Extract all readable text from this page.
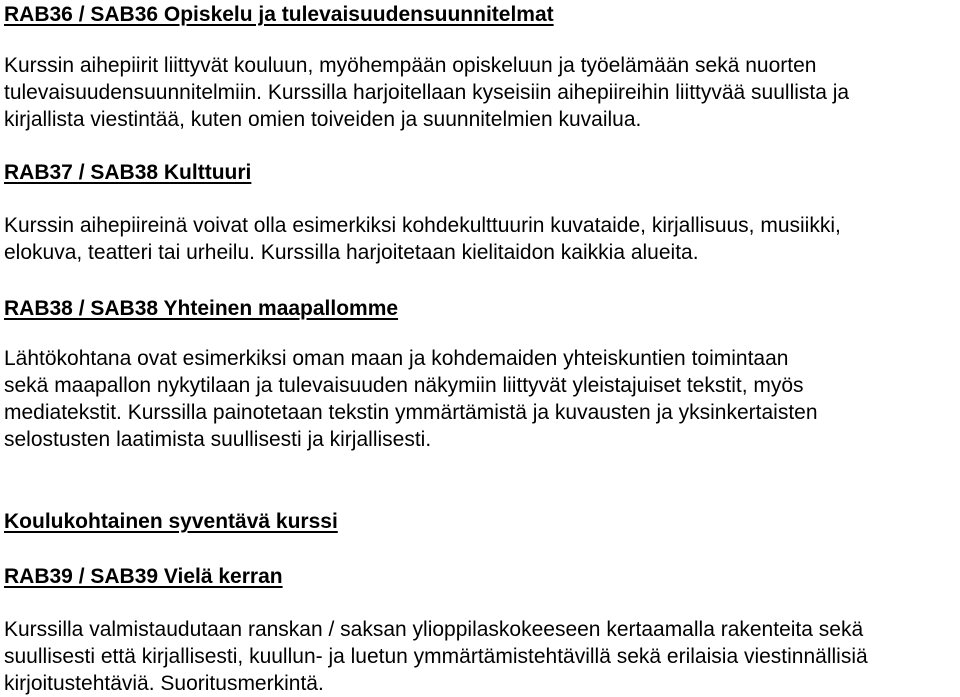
RAB36 / SAB36 Opiskelu ja tulevaisuudensuunnitelmat
Kurssin aihepiirit liittyvät kouluun, myöhempään opiskeluun ja työelämään sekä nuorten
tulevaisuudensuunnitelmiin. Kurssilla harjoitellaan kyseisiin aihepiireihin liittyvää suullista ja
kirjallista viestintää, kuten omien toiveiden ja suunnitelmien kuvailua.
RAB37 / SAB38 Kulttuuri
Kurssin aihepiireinä voivat olla esimerkiksi kohdekulttuurin kuvataide, kirjallisuus, musiikki,
elokuva, teatteri tai urheilu. Kurssilla harjoitetaan kielitaidon kaikkia alueita.
RAB38 / SAB38 Yhteinen maapallomme
Lähtökohtana ovat esimerkiksi oman maan ja kohdemaiden yhteiskuntien toimintaan
sekä maapallon nykytilaan ja tulevaisuuden näkymiin liittyvät yleistajuiset tekstit, myös
mediatekstit. Kurssilla painotetaan tekstin ymmärtämistä ja kuvausten ja yksinkertaisten
selostusten laatimista suullisesti ja kirjallisesti.
Koulukohtainen syventävä kurssi
RAB39 / SAB39 Vielä kerran
Kurssilla valmistaudutaan ranskan / saksan ylioppilaskokeeseen kertaamalla rakenteita sekä
suullisesti että kirjallisesti, kuullun- ja luetun ymmärtämistehtävillä sekä erilaisia viestinnällisiä
kirjoitustehtäviä. Suoritusmerkintä.
